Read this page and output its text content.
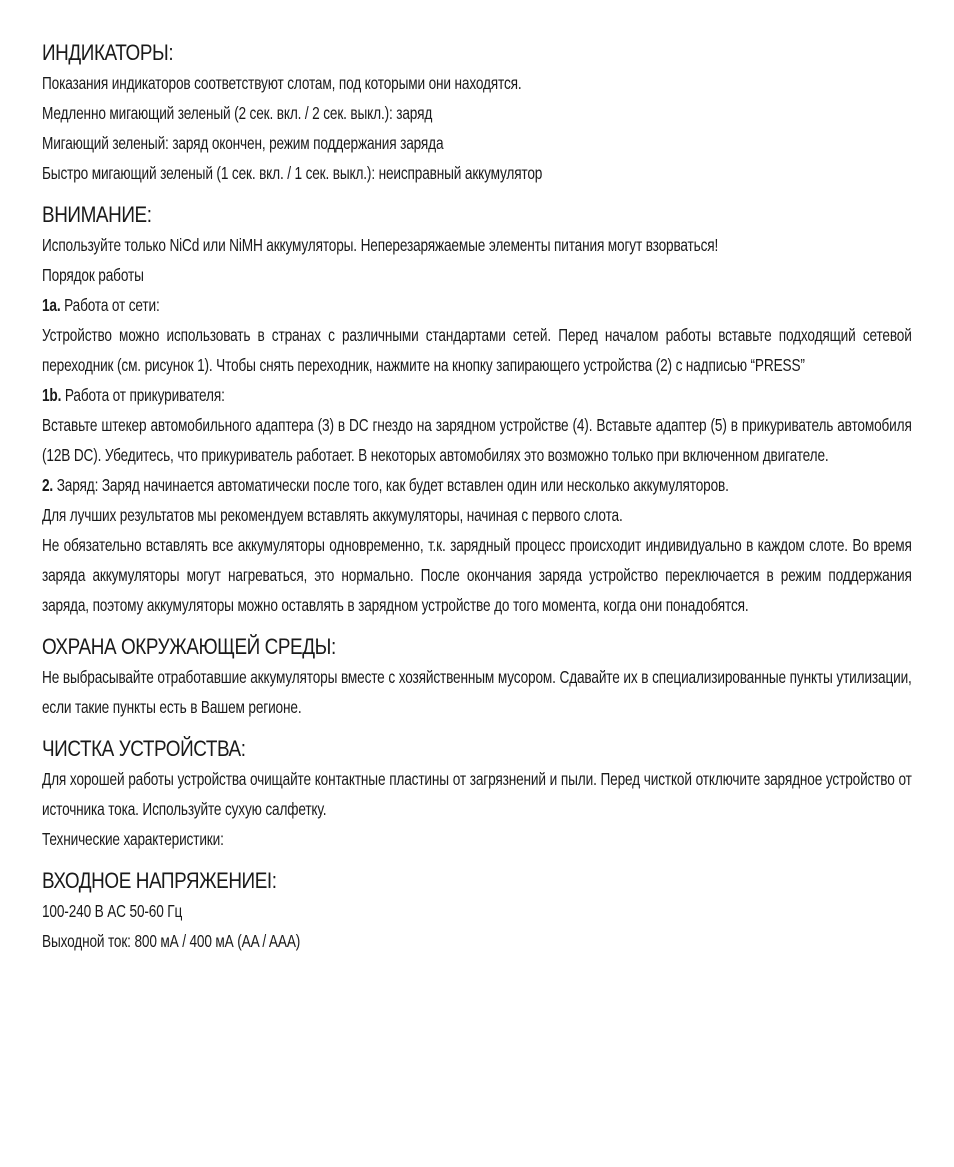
ИНДИКАТОРЫ:
Показания индикаторов соответствуют слотам, под которыми они находятся.
Медленно мигающий зеленый (2 сек. вкл. / 2 сек. выкл.): заряд
Мигающий зеленый: заряд окончен, режим поддержания заряда
Быстро мигающий зеленый (1 сек. вкл. / 1 сек. выкл.): неисправный аккумулятор
ВНИМАНИЕ:
Используйте только NiCd или NiMH аккумуляторы. Неперезаряжаемые элементы питания могут взорваться!
Порядок работы
1a. Работа от сети:
Устройство можно использовать в странах с различными стандартами сетей. Перед началом работы вставьте подходящий сетевой переходник (см. рисунок 1). Чтобы снять переходник, нажмите на кнопку запирающего устройства (2) с надписью “PRESS”
1b. Работа от прикуривателя:
Вставьте штекер автомобильного адаптера (3) в DC гнездо на зарядном устройстве (4). Вставьте адаптер (5) в прикуриватель автомобиля (12В DC). Убедитесь, что прикуриватель работает. В некоторых автомобилях это возможно только при включенном двигателе.
2. Заряд: Заряд начинается автоматически после того, как будет вставлен один или несколько аккумуляторов.
Для лучших результатов мы рекомендуем вставлять аккумуляторы, начиная с первого слота.
Не обязательно вставлять все аккумуляторы одновременно, т.к. зарядный процесс происходит индивидуально в каждом слоте. Во время заряда аккумуляторы могут нагреваться, это нормально. После окончания заряда устройство переключается в режим поддержания заряда, поэтому аккумуляторы можно оставлять в зарядном устройстве до того момента, когда они понадобятся.
ОХРАНА ОКРУЖАЮЩЕЙ СРЕДЫ:
Не выбрасывайте отработавшие аккумуляторы вместе с хозяйственным мусором. Сдавайте их в специализированные пункты утилизации, если такие пункты есть в Вашем регионе.
ЧИСТКА УСТРОЙСТВА:
Для хорошей работы устройства очищайте контактные пластины от загрязнений и пыли. Перед чисткой отключите зарядное устройство от источника тока. Используйте сухую салфетку.
Технические характеристики:
ВХОДНОЕ НАПРЯЖЕНИЕI:
100-240 В AC 50-60 Гц
Выходной ток: 800 мА / 400 мА (AA / AAA)
